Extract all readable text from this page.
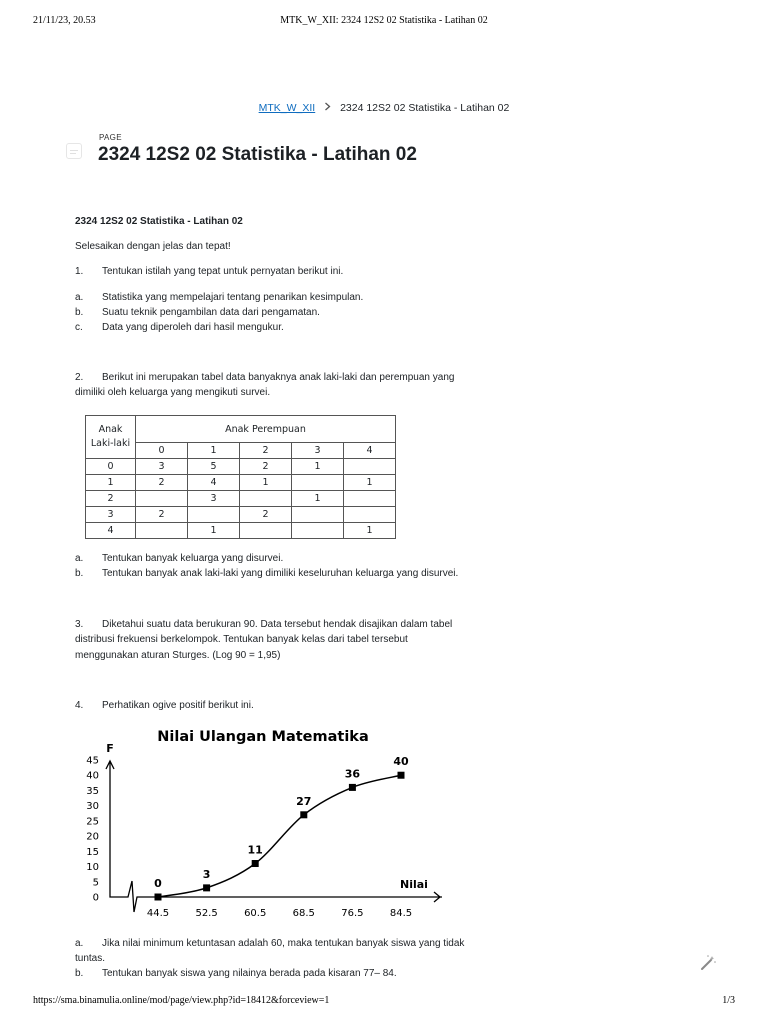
21/11/23, 20.53	MTK_W_XII: 2324 12S2 02 Statistika - Latihan 02
MTK_W_XII 2324 12S2 02 Statistika - Latihan 02
PAGE
2324 12S2 02 Statistika - Latihan 02
2324 12S2 02 Statistika - Latihan 02
Selesaikan dengan jelas dan tepat!
1. Tentukan istilah yang tepat untuk pernyatan berikut ini.
a. Statistika yang mempelajari tentang penarikan kesimpulan.
b. Suatu teknik pengambilan data dari pengamatan.
c. Data yang diperoleh dari hasil mengukur.
2. Berikut ini merupakan tabel data banyaknya anak laki-laki dan perempuan yang
dimiliki oleh keluarga yang mengikuti survei.
Anak
Laki-laki	Anak Perempuan				
	0	1	2	3	4
0	3	5	2	1	
1	2	4	1		1
2		3		1	
3	2		2		
4		1			1
a. Tentukan banyak keluarga yang disurvei.
b. Tentukan banyak anak laki-laki yang dimiliki keseluruhan keluarga yang disurvei.
3. Diketahui suatu data berukuran 90. Data tersebut hendak disajikan dalam tabel
distribusi frekuensi berkelompok. Tentukan banyak kelas dari tabel tersebut
menggunakan aturan Sturges. (Log 90 = 1,95)
4. Perhatikan ogive positif berikut ini.
a. Jika nilai minimum ketuntasan adalah 60, maka tentukan banyak siswa yang tidak
tuntas.
b. Tentukan banyak siswa yang nilainya berada pada kisaran 77– 84.
Nilai Ulangan Matematika
F
Nilai
0
5
10
15
20
25
30
35
40
45
44.5	52.5	60.5	68.5	76.5	84.5
0
3
11
27
36
40
https://sma.binamulia.online/mod/page/view.php?id=18412&forceview=1	1/3
